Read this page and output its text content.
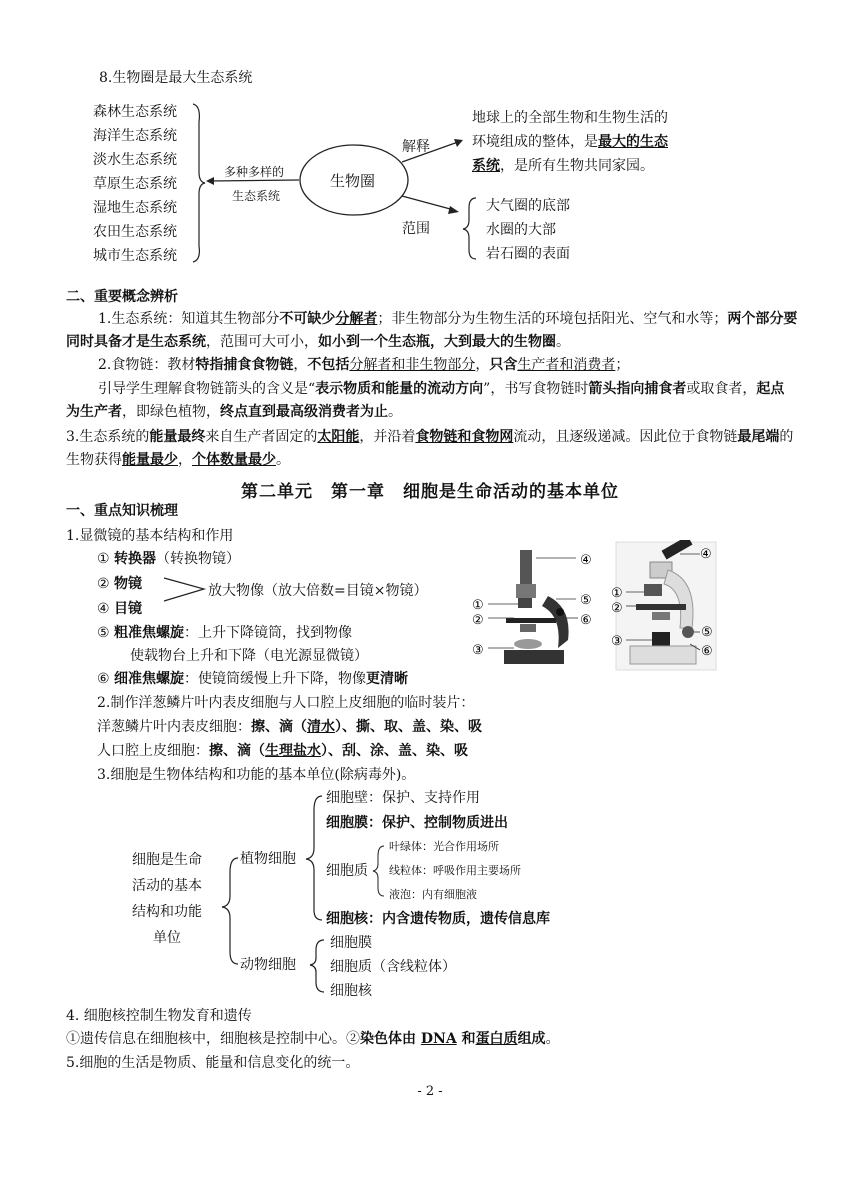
8.生物圈是最大生态系统
森林生态系统
海洋生态系统
淡水生态系统
草原生态系统
湿地生态系统
农田生态系统
城市生态系统
多种多样的
生态系统
生物圈
解释
范围
地球上的全部生物和生物生活的
环境组成的整体，是最大的生态
系统，是所有生物共同家园。
大气圈的底部
水圈的大部
岩石圈的表面
二、重要概念辨析
1.生态系统：知道其生物部分不可缺少分解者；非生物部分为生物生活的环境包括阳光、空气和水等；两个部分要同时具备才是生态系统，范围可大可小，如小到一个生态瓶，大到最大的生物圈。
2.食物链：教材特指捕食食物链，不包括分解者和非生物部分，只含生产者和消费者；
引导学生理解食物链箭头的含义是“表示物质和能量的流动方向”，书写食物链时箭头指向捕食者或取食者，起点为生产者，即绿色植物，终点直到最高级消费者为止。
3.生态系统的能量最终来自生产者固定的太阳能，并沿着食物链和食物网流动，且逐级递减。因此位于食物链最尾端的生物获得能量最少，个体数量最少。
第二单元　第一章　细胞是生命活动的基本单位
一、重点知识梳理
1.显微镜的基本结构和作用
① 转换器（转换物镜）
② 物镜
④ 目镜
放大物像（放大倍数=目镜×物镜）
⑤ 粗准焦螺旋：上升下降镜筒，找到物像
使载物台上升和下降（电光源显微镜）
⑥ 细准焦螺旋：使镜筒缓慢上升下降，物像更清晰
①
②
③
④
⑤
⑥
①
②
③
④
⑤
⑥
2.制作洋葱鳞片叶内表皮细胞与人口腔上皮细胞的临时装片：
洋葱鳞片叶内表皮细胞：擦、滴（清水）、撕、取、盖、染、吸
人口腔上皮细胞：擦、滴（生理盐水）、刮、涂、盖、染、吸
3.细胞是生物体结构和功能的基本单位(除病毒外)。
细胞是生命
活动的基本
结构和功能
单位
植物细胞
细胞壁：保护、支持作用
细胞膜：保护、控制物质进出
细胞质
叶绿体：光合作用场所
线粒体：呼吸作用主要场所
液泡：内有细胞液
细胞核：内含遗传物质，遗传信息库
动物细胞
细胞膜
细胞质（含线粒体）
细胞核
4. 细胞核控制生物发育和遗传
①遗传信息在细胞核中，细胞核是控制中心。②染色体由 DNA 和蛋白质组成。
5.细胞的生活是物质、能量和信息变化的统一。
- 2 -
